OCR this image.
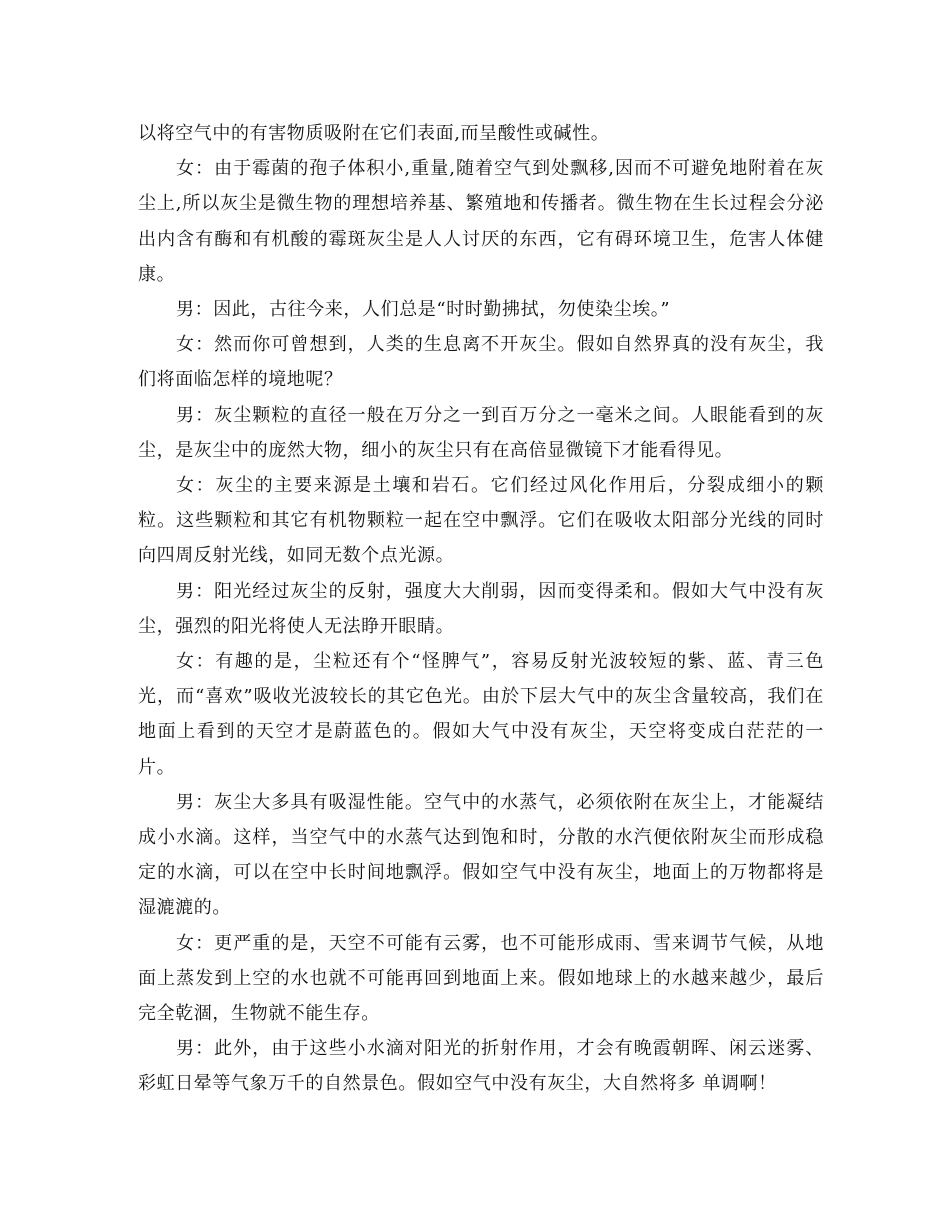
以将空气中的有害物质吸附在它们表面,而呈酸性或碱性。

女：由于霉菌的孢子体积小,重量,随着空气到处飘移,因而不可避免地附着在灰尘上,所以灰尘是微生物的理想培养基、繁殖地和传播者。微生物在生长过程会分泌出内含有酶和有机酸的霉斑灰尘是人人讨厌的东西，它有碍环境卫生，危害人体健康。

男：因此，古往今来，人们总是“时时勤拂拭，勿使染尘埃。”

女：然而你可曾想到，人类的生息离不开灰尘。假如自然界真的没有灰尘，我们将面临怎样的境地呢？

男：灰尘颗粒的直径一般在万分之一到百万分之一毫米之间。人眼能看到的灰尘，是灰尘中的庞然大物，细小的灰尘只有在高倍显微镜下才能看得见。

女：灰尘的主要来源是土壤和岩石。它们经过风化作用后，分裂成细小的颗粒。这些颗粒和其它有机物颗粒一起在空中飘浮。它们在吸收太阳部分光线的同时向四周反射光线，如同无数个点光源。

男：阳光经过灰尘的反射，强度大大削弱，因而变得柔和。假如大气中没有灰尘，强烈的阳光将使人无法睁开眼睛。

女：有趣的是，尘粒还有个“怪脾气”，容易反射光波较短的紫、蓝、青三色光，而“喜欢”吸收光波较长的其它色光。由於下层大气中的灰尘含量较高，我们在地面上看到的天空才是蔚蓝色的。假如大气中没有灰尘，天空将变成白茫茫的一片。

男：灰尘大多具有吸湿性能。空气中的水蒸气，必须依附在灰尘上，才能凝结成小水滴。这样，当空气中的水蒸气达到饱和时，分散的水汽便依附灰尘而形成稳定的水滴，可以在空中长时间地飘浮。假如空气中没有灰尘，地面上的万物都将是湿漉漉的。

女：更严重的是，天空不可能有云雾，也不可能形成雨、雪来调节气候，从地面上蒸发到上空的水也就不可能再回到地面上来。假如地球上的水越来越少，最后完全乾涸，生物就不能生存。

男：此外，由于这些小水滴对阳光的折射作用，才会有晚霞朝晖、闲云迷雾、彩虹日晕等气象万千的自然景色。假如空气中没有灰尘，大自然将多 单调啊！
